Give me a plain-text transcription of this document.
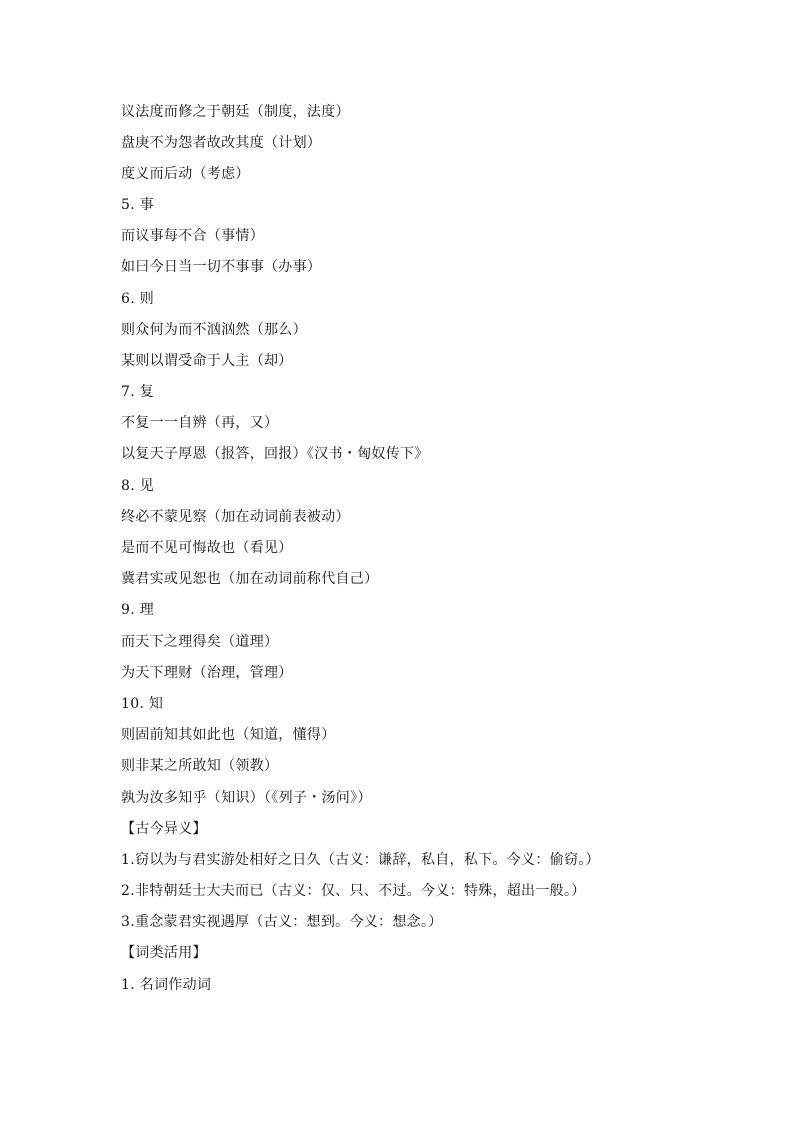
议法度而修之于朝廷（制度，法度）
盘庚不为怨者故改其度（计划）
度义而后动（考虑）
5. 事
而议事每不合（事情）
如曰今日当一切不事事（办事）
6. 则
则众何为而不汹汹然（那么）
某则以谓受命于人主（却）
7. 复
不复一一自辨（再，又）
以复天子厚恩（报答，回报）《汉书・匈奴传下》
8. 见
终必不蒙见察（加在动词前表被动）
是而不见可悔故也（看见）
冀君实或见恕也（加在动词前称代自己）
9. 理
而天下之理得矣（道理）
为天下理财（治理，管理）
10. 知
则固前知其如此也（知道，懂得）
则非某之所敢知（领教）
孰为汝多知乎（知识）（《列子・汤问》）
【古今异义】
1.窃以为与君实游处相好之日久（古义：谦辞，私自，私下。今义：偷窃。）
2.非特朝廷士大夫而已（古义：仅、只、不过。今义：特殊，超出一般。）
3.重念蒙君实视遇厚（古义：想到。今义：想念。）
【词类活用】
1. 名词作动词
